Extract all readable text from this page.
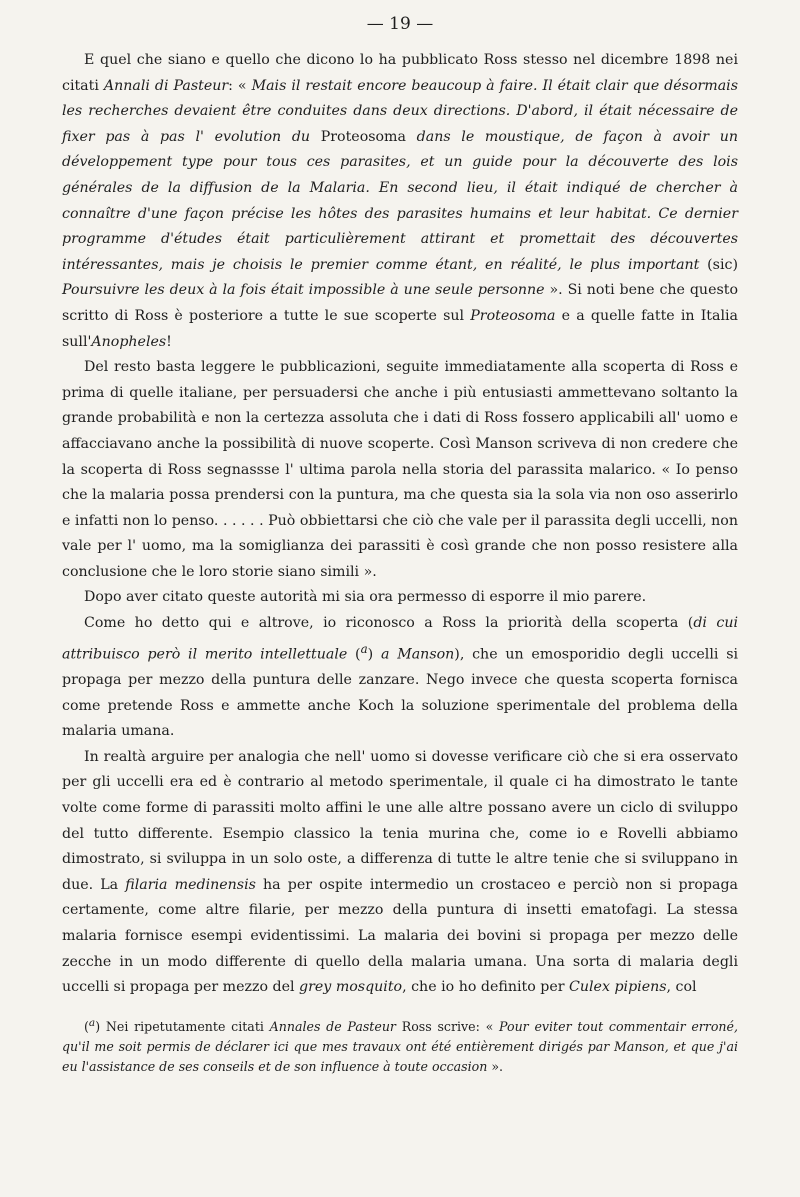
— 19 —

E quel che siano e quello che dicono lo ha pubblicato Ross stesso nel dicembre 1898 nei citati Annali di Pasteur: « Mais il restait encore beaucoup à faire. Il était clair que désormais les recherches devaient être conduites dans deux directions. D'abord, il était nécessaire de fixer pas à pas l' evolution du Proteosoma dans le moustique, de façon à avoir un développement type pour tous ces parasites, et un guide pour la découverte des lois générales de la diffusion de la Malaria. En second lieu, il était indiqué de chercher à connaître d'une façon précise les hôtes des parasites humains et leur habitat. Ce dernier programme d'études était particulièrement attirant et promettait des découvertes intéressantes, mais je choisis le premier comme étant, en réalité, le plus important (sic) Poursuivre les deux à la fois était impossible à une seule personne ». Si noti bene che questo scritto di Ross è posteriore a tutte le sue scoperte sul Proteosoma e a quelle fatte in Italia sull'Anopheles!

Del resto basta leggere le pubblicazioni, seguite immediatamente alla scoperta di Ross e prima di quelle italiane, per persuadersi che anche i più entusiasti ammettevano soltanto la grande probabilità e non la certezza assoluta che i dati di Ross fossero applicabili all' uomo e affacciavano anche la possibilità di nuove scoperte. Così Manson scriveva di non credere che la scoperta di Ross segnassse l' ultima parola nella storia del parassita malarico. « Io penso che la malaria possa prendersi con la puntura, ma che questa sia la sola via non oso asserirlo e infatti non lo penso. . . . . . Può obbiettarsi che ciò che vale per il parassita degli uccelli, non vale per l' uomo, ma la somiglianza dei parassiti è così grande che non posso resistere alla conclusione che le loro storie siano simili ».

Dopo aver citato queste autorità mi sia ora permesso di esporre il mio parere.

Come ho detto qui e altrove, io riconosco a Ross la priorità della scoperta (di cui attribuisco però il merito intellettuale ($^a$) a Manson), che un emosporidio degli uccelli si propaga per mezzo della puntura delle zanzare. Nego invece che questa scoperta fornisca come pretende Ross e ammette anche Koch la soluzione sperimentale del problema della malaria umana.

In realtà arguire per analogia che nell' uomo si dovesse verificare ciò che si era osservato per gli uccelli era ed è contrario al metodo sperimentale, il quale ci ha dimostrato le tante volte come forme di parassiti molto affini le une alle altre possano avere un ciclo di sviluppo del tutto differente. Esempio classico la tenia murina che, come io e Rovelli abbiamo dimostrato, si sviluppa in un solo oste, a differenza di tutte le altre tenie che si sviluppano in due. La filaria medinensis ha per ospite intermedio un crostaceo e perciò non si propaga certamente, come altre filarie, per mezzo della puntura di insetti ematofagi. La stessa malaria fornisce esempi evidentissimi. La malaria dei bovini si propaga per mezzo delle zecche in un modo differente di quello della malaria umana. Una sorta di malaria degli uccelli si propaga per mezzo del grey mosquito, che io ho definito per Culex pipiens, col

($^a$) Nei ripetutamente citati Annales de Pasteur Ross scrive: « Pour eviter tout commentair erroné, qu'il me soit permis de déclarer ici que mes travaux ont été entièrement dirigés par Manson, et que j'ai eu l'assistance de ses conseils et de son influence à toute occasion ».
